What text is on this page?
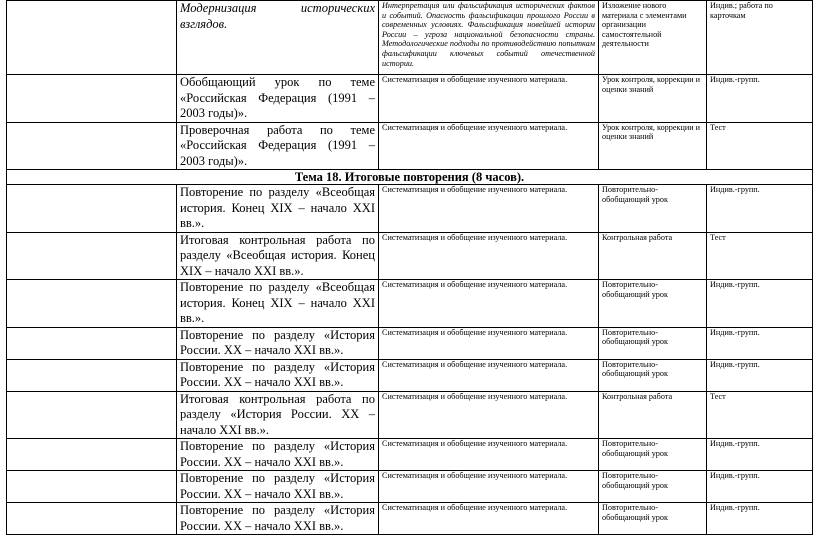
	Модернизация исторических взглядов.	Интерпретация или фальсификация исторических фактов и событий. Опасность фальсификации прошлого России в современных условиях. Фальсификация новейшей истории России – угроза национальной безопасности страны. Методологические подходы по противодействию попыткам фальсификации ключевых событий отечественной истории.	Изложение нового материала с элементами организации самостоятельной деятельности	Индив.; работа по карточкам
	Обобщающий урок по теме «Российская Федерация (1991 – 2003 годы)».	Систематизация и обобщение изученного материала.	Урок контроля, коррекции и оценки знаний	Индив.-групп.
	Проверочная работа по теме «Российская Федерация (1991 – 2003 годы)».	Систематизация и обобщение изученного материала.	Урок контроля, коррекции и оценки знаний	Тест
Тема 18. Итоговые повторения (8 часов).				
	Повторение по разделу «Всеобщая история. Конец XIX – начало XXI вв.».	Систематизация и обобщение изученного материала.	Повторительно-обобщающий урок	Индив.-групп.
	Итоговая контрольная работа по разделу «Всеобщая история. Конец XIX – начало XXI вв.».	Систематизация и обобщение изученного материала.	Контрольная работа	Тест
	Повторение по разделу «Всеобщая история. Конец XIX – начало XXI вв.».	Систематизация и обобщение изученного материала.	Повторительно-обобщающий урок	Индив.-групп.
	Повторение по разделу «История России. XX – начало XXI вв.».	Систематизация и обобщение изученного материала.	Повторительно-обобщающий урок	Индив.-групп.
	Повторение по разделу «История России. XX – начало XXI вв.».	Систематизация и обобщение изученного материала.	Повторительно-обобщающий урок	Индив.-групп.
	Итоговая контрольная работа по разделу «История России. XX – начало XXI вв.».	Систематизация и обобщение изученного материала.	Контрольная работа	Тест
	Повторение по разделу «История России. XX – начало XXI вв.».	Систематизация и обобщение изученного материала.	Повторительно-обобщающий урок	Индив.-групп.
	Повторение по разделу «История России. XX – начало XXI вв.».	Систематизация и обобщение изученного материала.	Повторительно-обобщающий урок	Индив.-групп.
	Повторение по разделу «История России. XX – начало XXI вв.».	Систематизация и обобщение изученного материала.	Повторительно-обобщающий урок	Индив.-групп.
